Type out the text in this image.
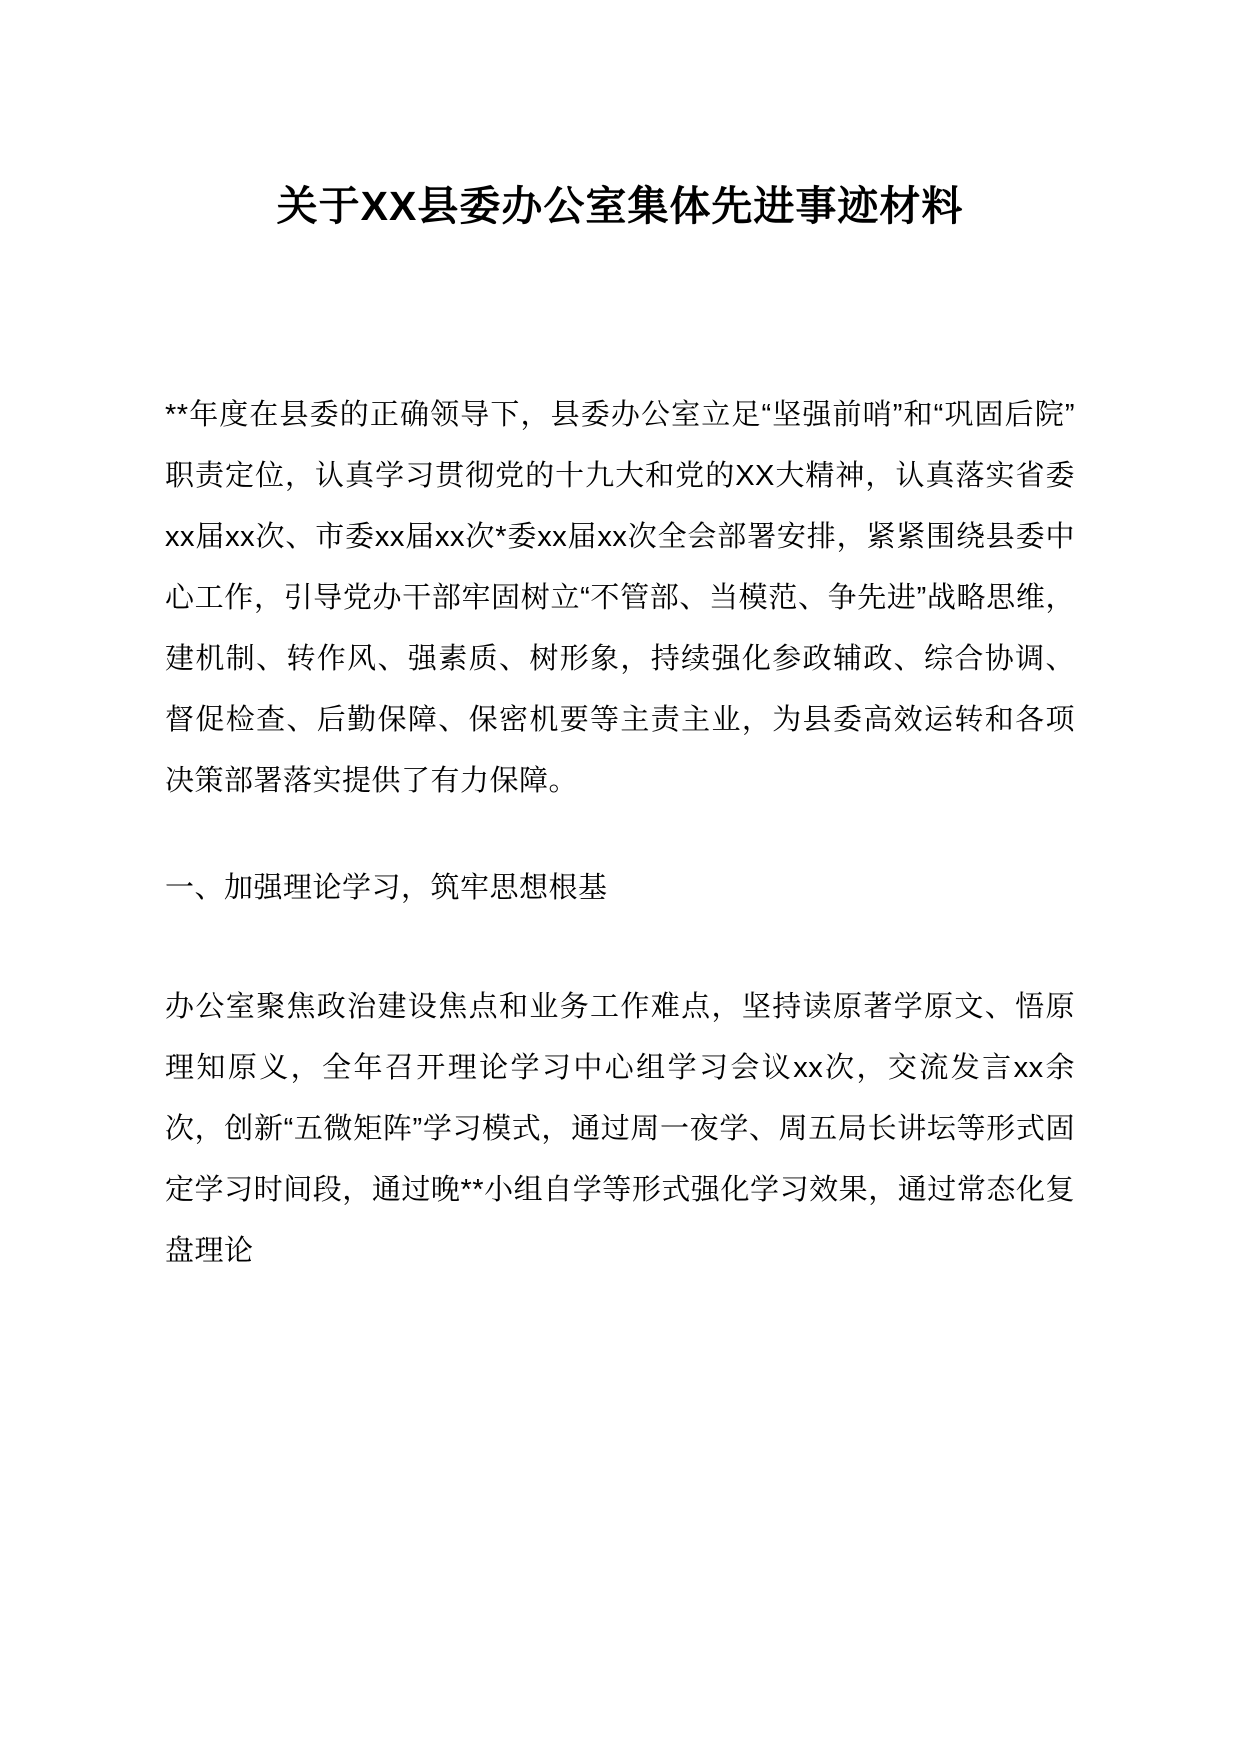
关于XX县委办公室集体先进事迹材料

**年度在县委的正确领导下，县委办公室立足“坚强前哨”和“巩固后院”职责定位，认真学习贯彻党的十九大和党的XX大精神，认真落实省委xx届xx次、市委xx届xx次*委xx届xx次全会部署安排，紧紧围绕县委中心工作，引导党办干部牢固树立“不管部、当模范、争先进”战略思维，建机制、转作风、强素质、树形象，持续强化参政辅政、综合协调、督促检查、后勤保障、保密机要等主责主业，为县委高效运转和各项决策部署落实提供了有力保障。

一、加强理论学习，筑牢思想根基

办公室聚焦政治建设焦点和业务工作难点，坚持读原著学原文、悟原理知原义，全年召开理论学习中心组学习会议xx次，交流发言xx余次，创新“五微矩阵”学习模式，通过周一夜学、周五局长讲坛等形式固定学习时间段，通过晚**小组自学等形式强化学习效果，通过常态化复盘理论
